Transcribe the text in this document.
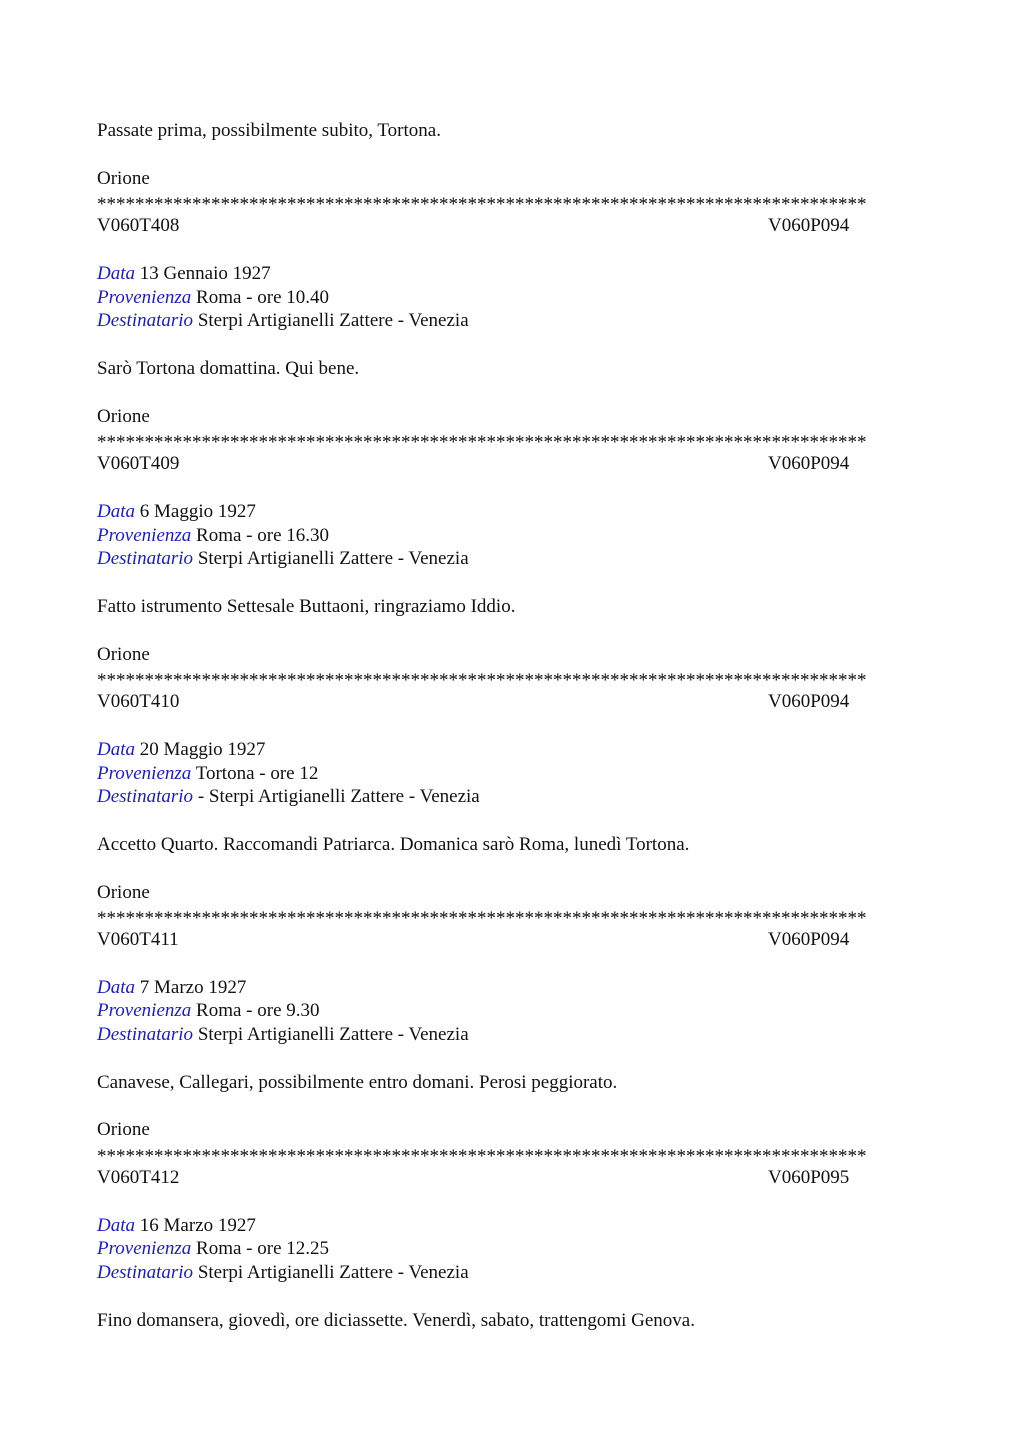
Passate prima, possibilmente subito, Tortona.
Orione
*********************************************************************************
V060T408	V060P094
Data 13 Gennaio 1927
Provenienza Roma - ore 10.40
Destinatario Sterpi Artigianelli Zattere - Venezia
Sarò Tortona domattina. Qui bene.
Orione
*********************************************************************************
V060T409	V060P094
Data 6 Maggio 1927
Provenienza Roma - ore 16.30
Destinatario Sterpi Artigianelli Zattere - Venezia
Fatto istrumento Settesale Buttaoni, ringraziamo Iddio.
Orione
*********************************************************************************
V060T410	V060P094
Data 20 Maggio 1927
Provenienza Tortona - ore 12
Destinatario - Sterpi Artigianelli Zattere - Venezia
Accetto Quarto. Raccomandi Patriarca. Domanica sarò Roma, lunedì Tortona.
Orione
*********************************************************************************
V060T411	V060P094
Data 7 Marzo 1927
Provenienza Roma - ore 9.30
Destinatario Sterpi Artigianelli Zattere - Venezia
Canavese, Callegari, possibilmente entro domani. Perosi peggiorato.
Orione
*********************************************************************************
V060T412	V060P095
Data 16 Marzo 1927
Provenienza Roma - ore 12.25
Destinatario Sterpi Artigianelli Zattere - Venezia
Fino domansera, giovedì, ore diciassette. Venerdì, sabato, trattengomi Genova.
